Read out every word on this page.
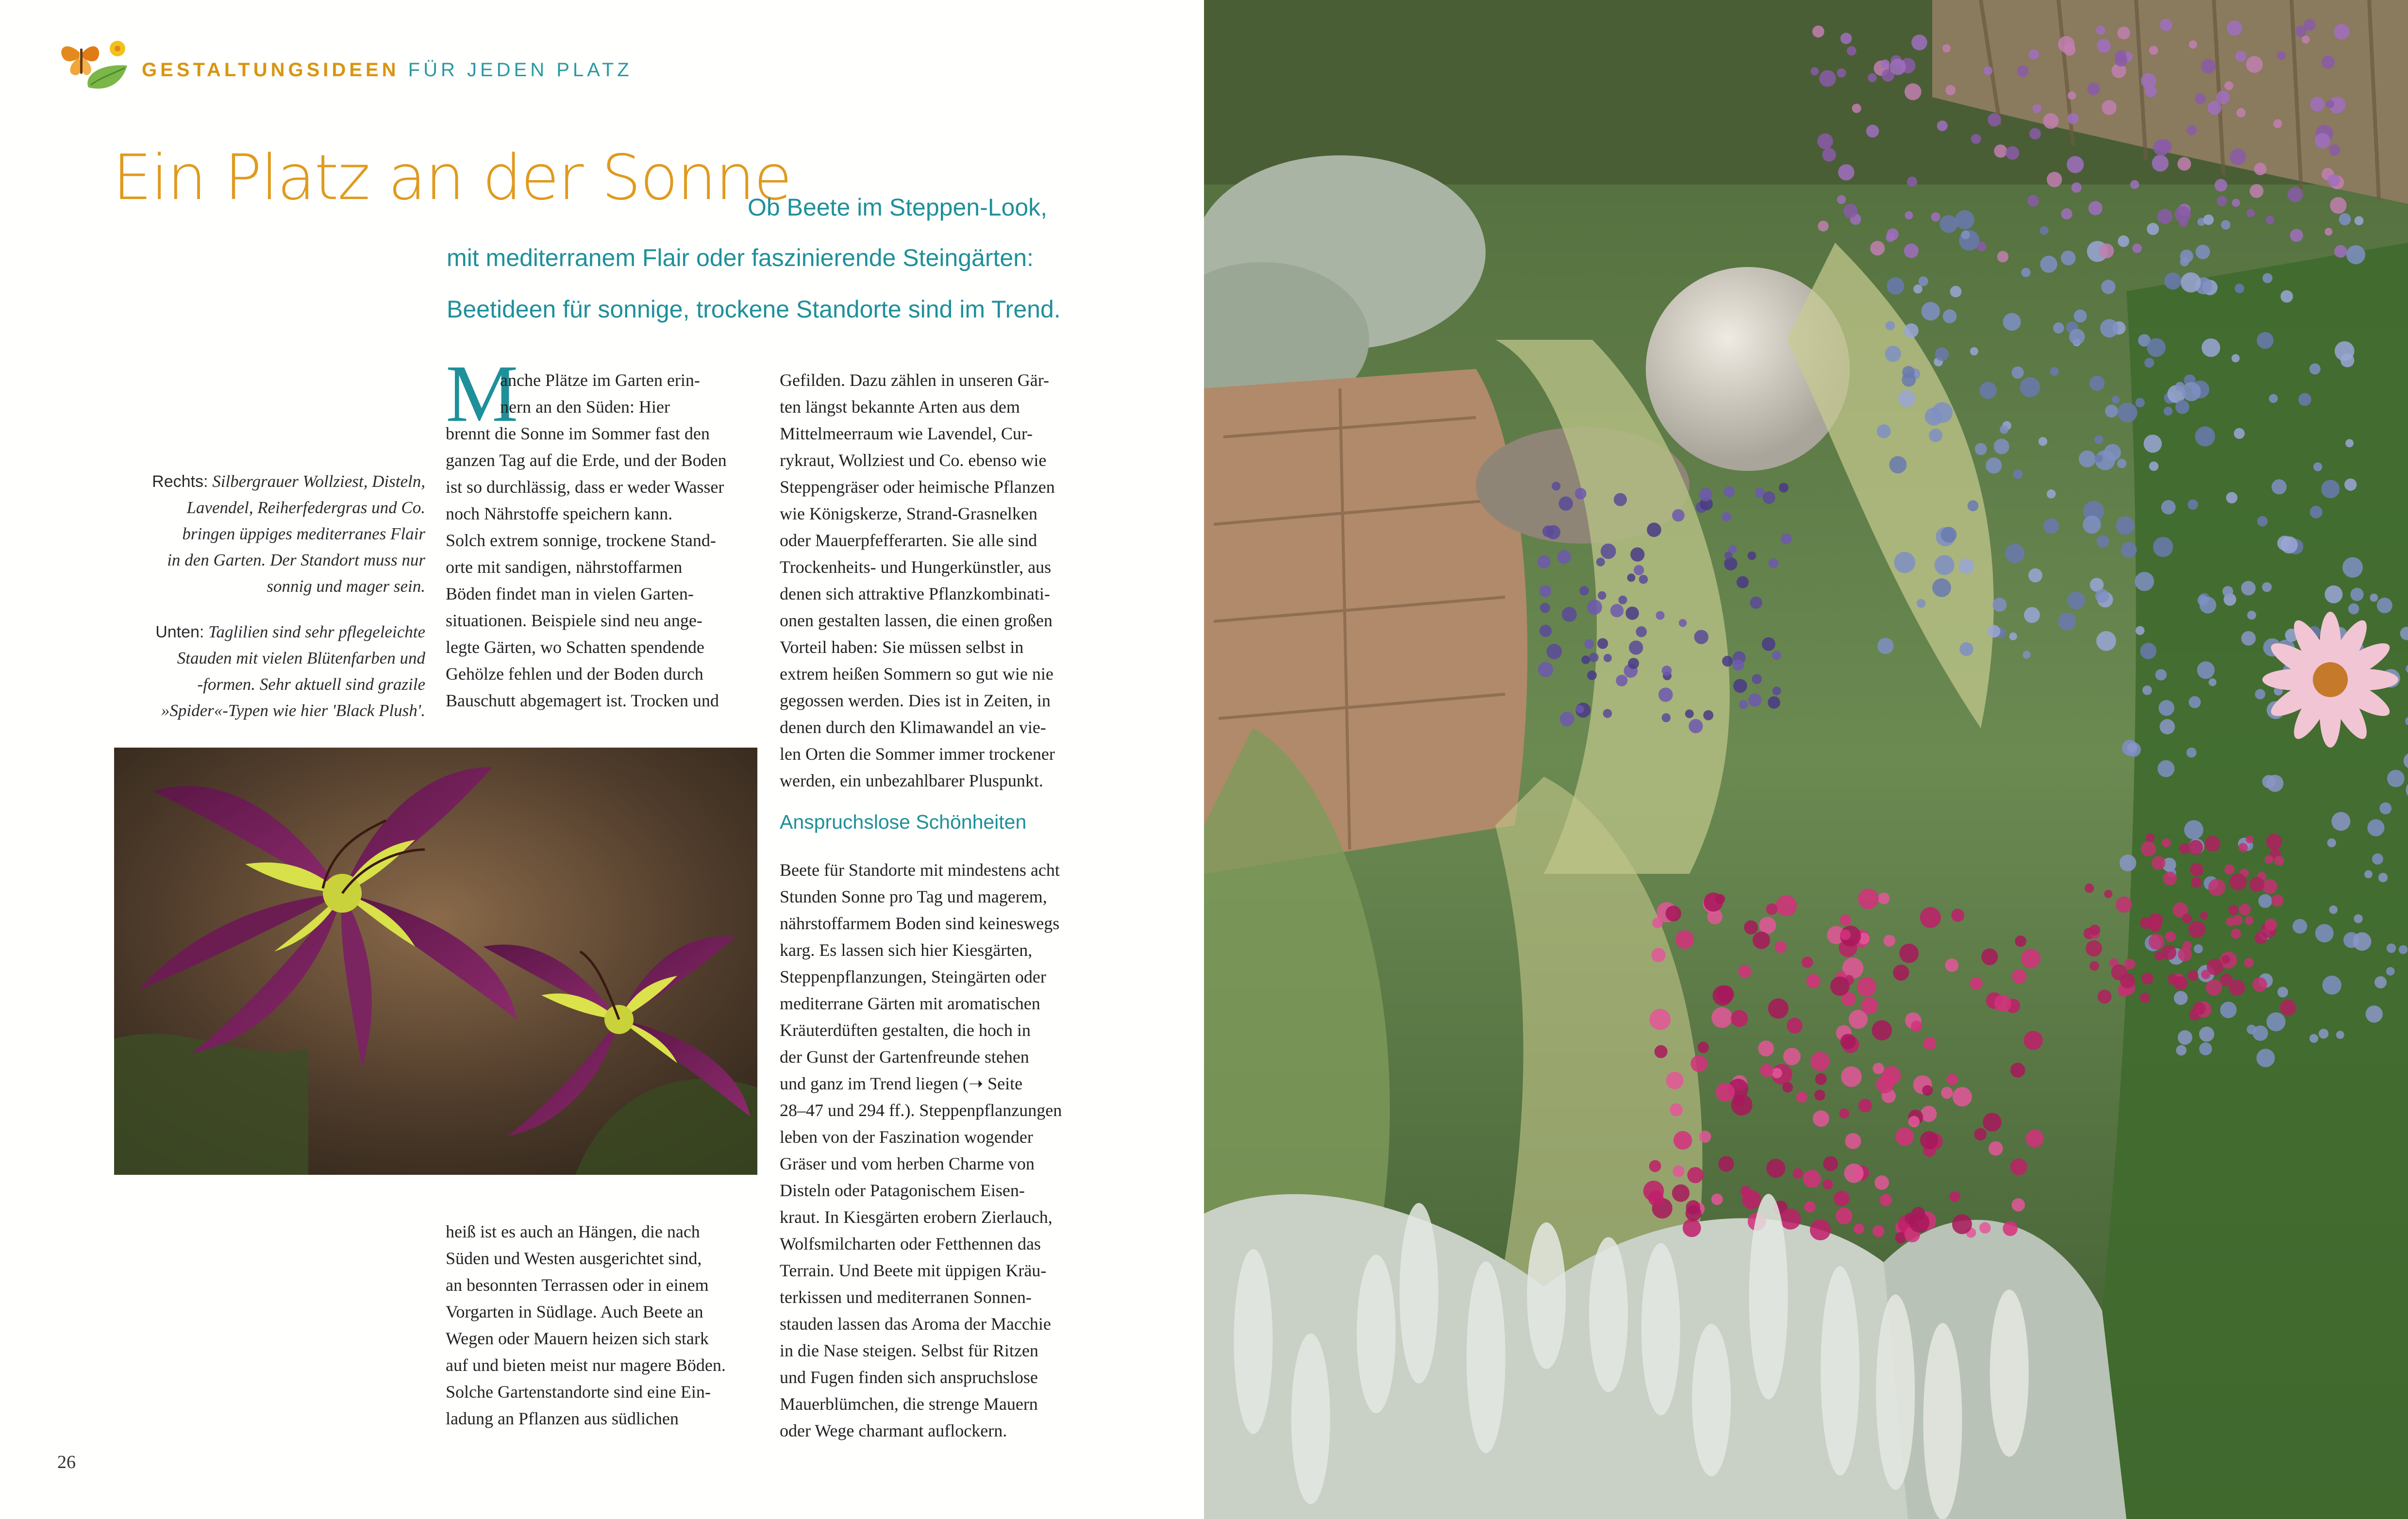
GESTALTUNGSIDEEN FÜR JEDEN PLATZ
Ein Platz an der Sonne
Ob Beete im Steppen-Look,
mit mediterranem Flair oder faszinierende Steingärten:
Beetideen für sonnige, trockene Standorte sind im Trend.

Rechts: Silbergrauer Wollziest, Disteln,
Lavendel, Reiherfedergras und Co.
bringen üppiges mediterranes Flair
in den Garten. Der Standort muss nur
sonnig und mager sein.

Unten: Taglilien sind sehr pflegeleichte
Stauden mit vielen Blütenfarben und
-formen. Sehr aktuell sind grazile
»Spider«-Typen wie hier 'Black Plush'.

M
anche Plätze im Garten erin-
nern an den Süden: Hier
brennt die Sonne im Sommer fast den
ganzen Tag auf die Erde, und der Boden
ist so durchlässig, dass er weder Wasser
noch Nährstoffe speichern kann.
Solch extrem sonnige, trockene Stand-
orte mit sandigen, nährstoffarmen
Böden findet man in vielen Garten-
situationen. Beispiele sind neu ange-
legte Gärten, wo Schatten spendende
Gehölze fehlen und der Boden durch
Bauschutt abgemagert ist. Trocken und
heiß ist es auch an Hängen, die nach
Süden und Westen ausgerichtet sind,
an besonnten Terrassen oder in einem
Vorgarten in Südlage. Auch Beete an
Wegen oder Mauern heizen sich stark
auf und bieten meist nur magere Böden.
Solche Gartenstandorte sind eine Ein-
ladung an Pflanzen aus südlichen
Gefilden. Dazu zählen in unseren Gär-
ten längst bekannte Arten aus dem
Mittelmeerraum wie Lavendel, Cur-
rykraut, Wollziest und Co. ebenso wie
Steppengräser oder heimische Pflanzen
wie Königskerze, Strand-Grasnelken
oder Mauerpfefferarten. Sie alle sind
Trockenheits- und Hungerkünstler, aus
denen sich attraktive Pflanzkombinati-
onen gestalten lassen, die einen großen
Vorteil haben: Sie müssen selbst in
extrem heißen Sommern so gut wie nie
gegossen werden. Dies ist in Zeiten, in
denen durch den Klimawandel an vie-
len Orten die Sommer immer trockener
werden, ein unbezahlbarer Pluspunkt.
Anspruchslose Schönheiten
Beete für Standorte mit mindestens acht
Stunden Sonne pro Tag und magerem,
nährstoffarmem Boden sind keineswegs
karg. Es lassen sich hier Kiesgärten,
Steppenpflanzungen, Steingärten oder
mediterrane Gärten mit aromatischen
Kräuterdüften gestalten, die hoch in
der Gunst der Gartenfreunde stehen
und ganz im Trend liegen (➝ Seite
28–47 und 294 ff.). Steppenpflanzungen
leben von der Faszination wogender
Gräser und vom herben Charme von
Disteln oder Patagonischem Eisen-
kraut. In Kiesgärten erobern Zierlauch,
Wolfsmilcharten oder Fetthennen das
Terrain. Und Beete mit üppigen Kräu-
terkissen und mediterranen Sonnen-
stauden lassen das Aroma der Macchie
in die Nase steigen. Selbst für Ritzen
und Fugen finden sich anspruchslose
Mauerblümchen, die strenge Mauern
oder Wege charmant auflockern.
26
